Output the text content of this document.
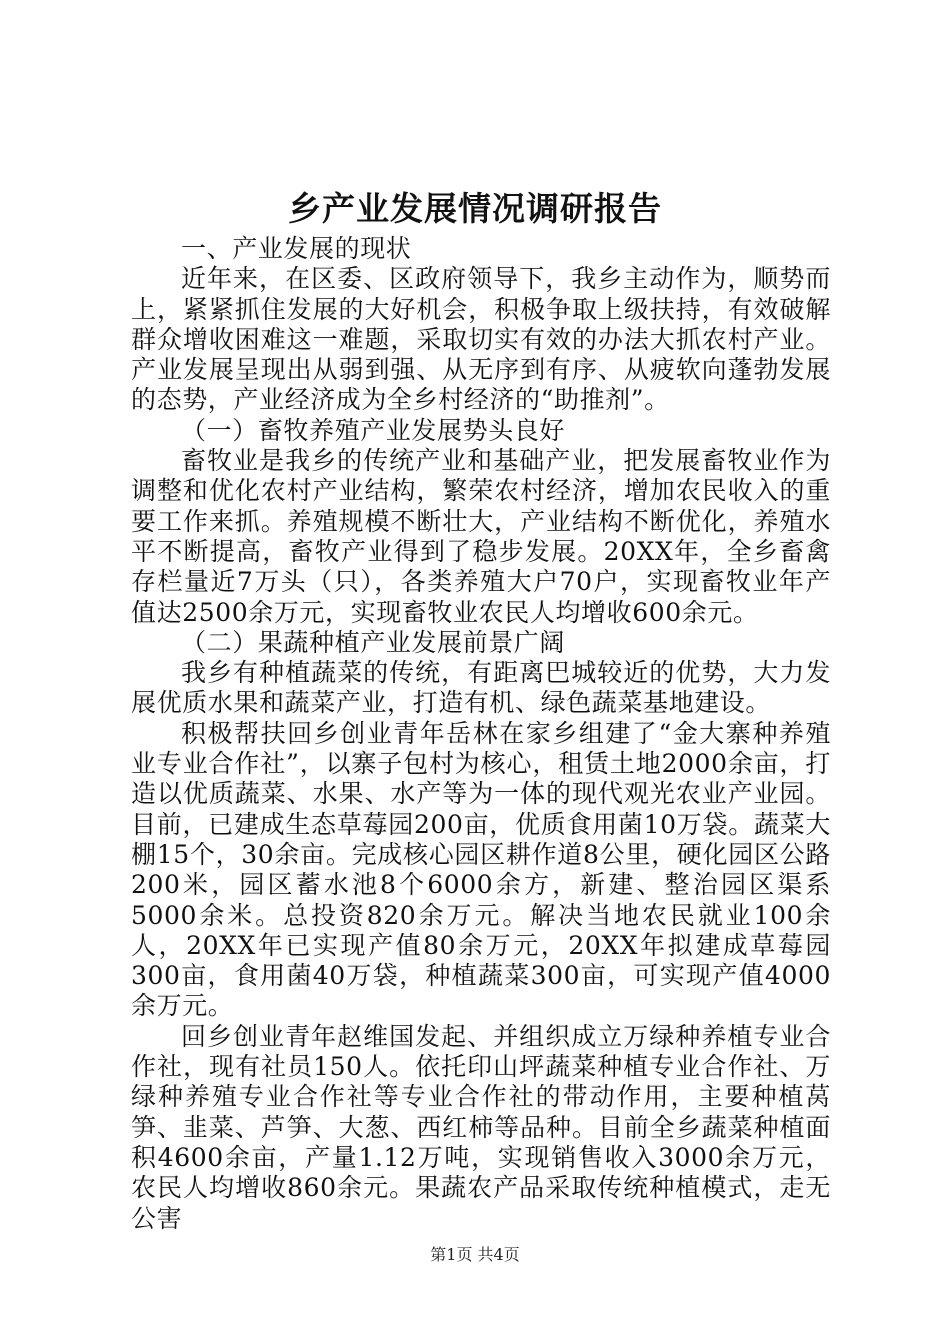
乡产业发展情况调研报告

一、产业发展的现状

近年来，在区委、区政府领导下，我乡主动作为，顺势而上，紧紧抓住发展的大好机会，积极争取上级扶持，有效破解群众增收困难这一难题，采取切实有效的办法大抓农村产业。产业发展呈现出从弱到强、从无序到有序、从疲软向蓬勃发展的态势，产业经济成为全乡村经济的“助推剂”。

（一）畜牧养殖产业发展势头良好

畜牧业是我乡的传统产业和基础产业，把发展畜牧业作为调整和优化农村产业结构，繁荣农村经济，增加农民收入的重要工作来抓。养殖规模不断壮大，产业结构不断优化，养殖水平不断提高，畜牧产业得到了稳步发展。20XX年，全乡畜禽存栏量近7万头（只），各类养殖大户70户，实现畜牧业年产值达2500余万元，实现畜牧业农民人均增收600余元。

（二）果蔬种植产业发展前景广阔

我乡有种植蔬菜的传统，有距离巴城较近的优势，大力发展优质水果和蔬菜产业，打造有机、绿色蔬菜基地建设。

积极帮扶回乡创业青年岳林在家乡组建了“金大寨种养殖业专业合作社”，以寨子包村为核心，租赁土地2000余亩，打造以优质蔬菜、水果、水产等为一体的现代观光农业产业园。目前，已建成生态草莓园200亩，优质食用菌10万袋。蔬菜大棚15个，30余亩。完成核心园区耕作道8公里，硬化园区公路200米，园区蓄水池8个6000余方，新建、整治园区渠系5000余米。总投资820余万元。解决当地农民就业100余人，20XX年已实现产值80余万元，20XX年拟建成草莓园300亩，食用菌40万袋，种植蔬菜300亩，可实现产值4000余万元。

回乡创业青年赵维国发起、并组织成立万绿种养植专业合作社，现有社员150人。依托印山坪蔬菜种植专业合作社、万绿种养殖专业合作社等专业合作社的带动作用，主要种植莴笋、韭菜、芦笋、大葱、西红柿等品种。目前全乡蔬菜种植面积4600余亩，产量1.12万吨，实现销售收入3000余万元，农民人均增收860余元。果蔬农产品采取传统种植模式，走无公害

第1页 共4页
